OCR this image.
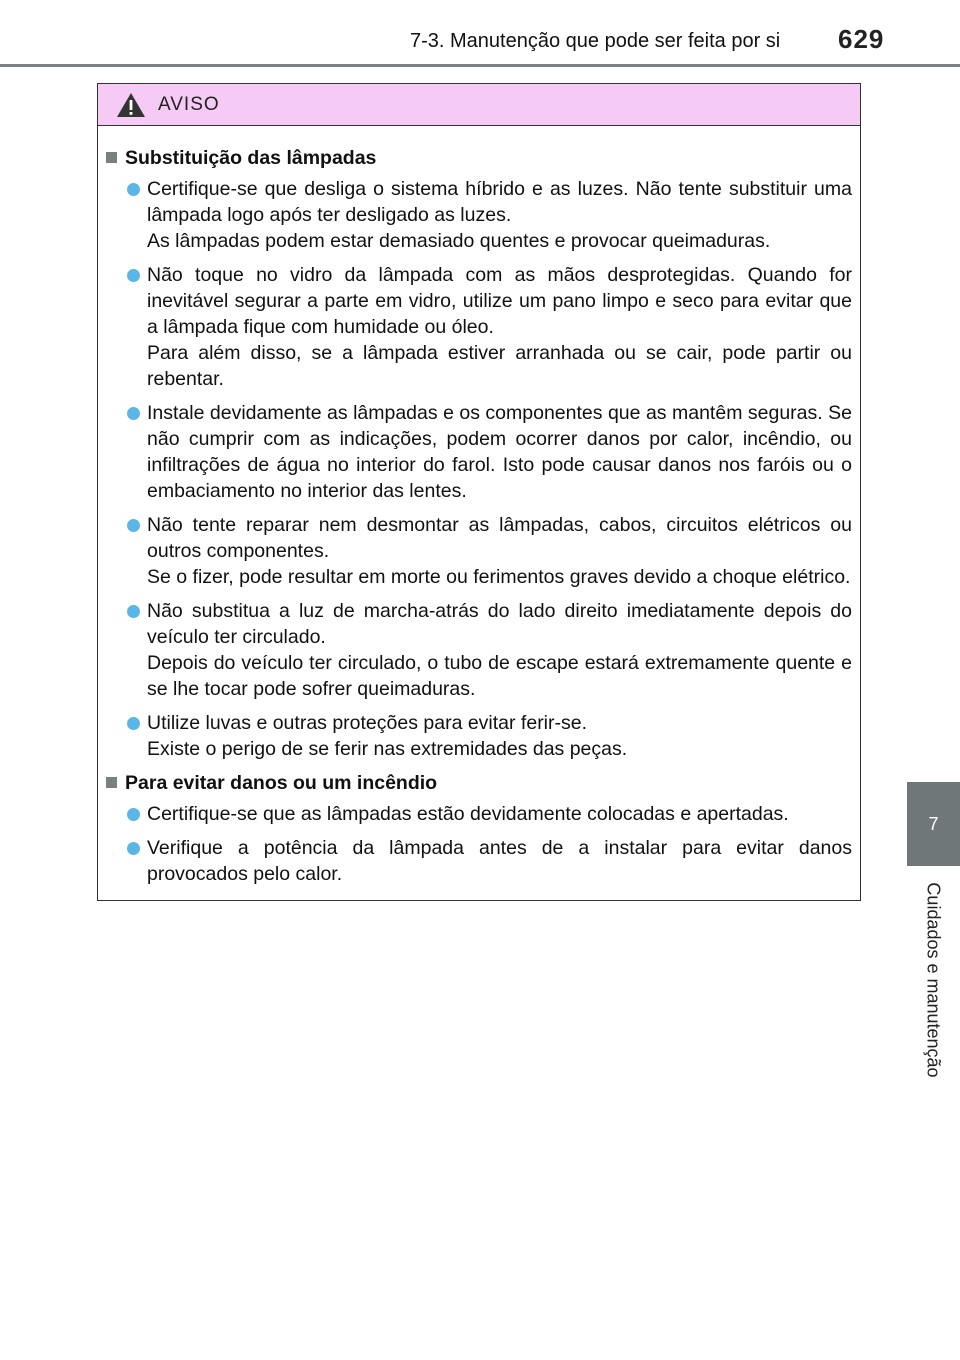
7-3. Manutenção que pode ser feita por si	629
7
Cuidados e manutenção
AVISO
Substituição das lâmpadas

Certifique-se que desliga o sistema híbrido e as luzes. Não tente substituir uma lâmpada logo após ter desligado as luzes.

As lâmpadas podem estar demasiado quentes e provocar queimaduras.

Não toque no vidro da lâmpada com as mãos desprotegidas. Quando for inevitável segurar a parte em vidro, utilize um pano limpo e seco para evitar que a lâmpada fique com humidade ou óleo.

Para além disso, se a lâmpada estiver arranhada ou se cair, pode partir ou rebentar.

Instale devidamente as lâmpadas e os componentes que as mantêm seguras. Se não cumprir com as indicações, podem ocorrer danos por calor, incêndio, ou infiltrações de água no interior do farol. Isto pode causar danos nos faróis ou o embaciamento no interior das lentes.

Não tente reparar nem desmontar as lâmpadas, cabos, circuitos elétricos ou outros componentes.

Se o fizer, pode resultar em morte ou ferimentos graves devido a choque elétrico.

Não substitua a luz de marcha-atrás do lado direito imediatamente depois do veículo ter circulado.

Depois do veículo ter circulado, o tubo de escape estará extremamente quente e se lhe tocar pode sofrer queimaduras.

Utilize luvas e outras proteções para evitar ferir-se.

Existe o perigo de se ferir nas extremidades das peças.

Para evitar danos ou um incêndio

Certifique-se que as lâmpadas estão devidamente colocadas e apertadas.

Verifique a potência da lâmpada antes de a instalar para evitar danos provocados pelo calor.
